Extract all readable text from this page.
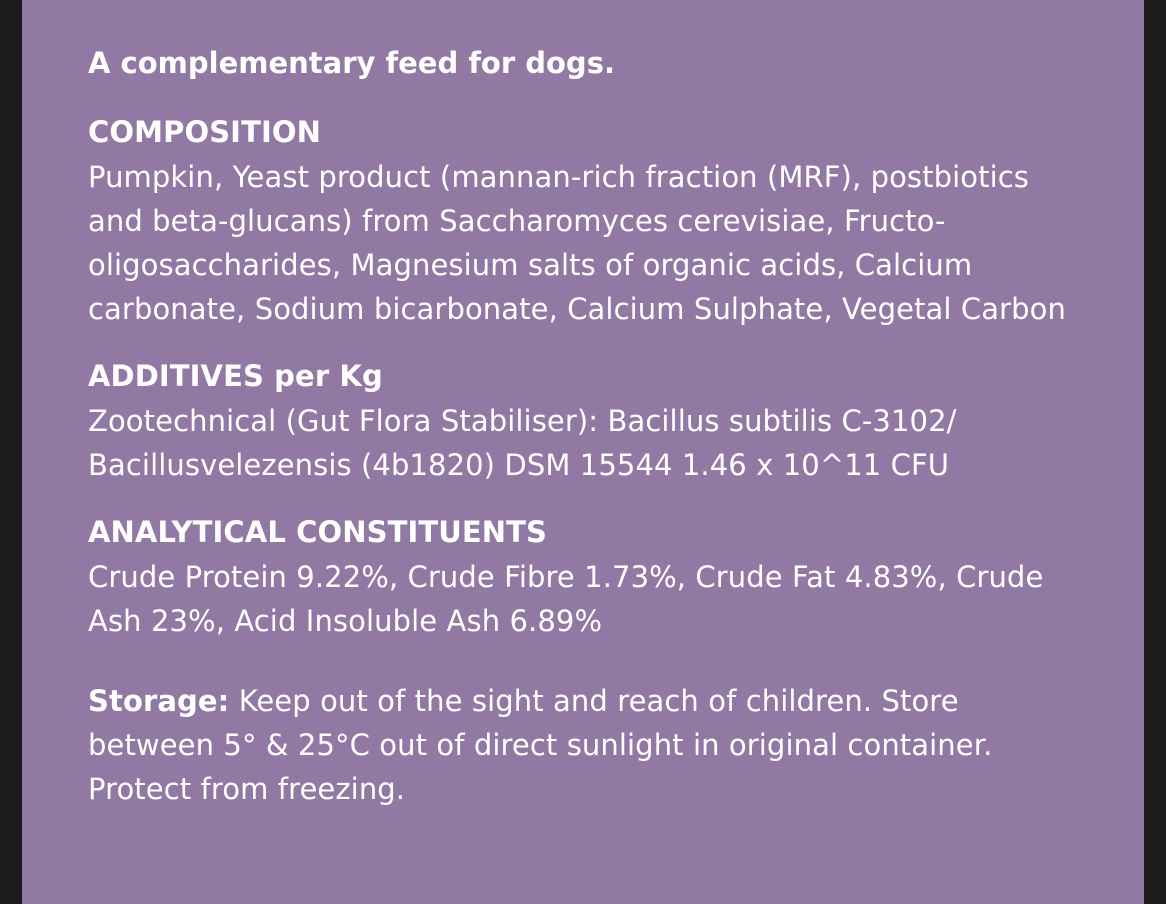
A complementary feed for dogs.

COMPOSITION

Pumpkin, Yeast product (mannan-rich fraction (MRF), postbiotics and beta-glucans) from Saccharomyces cerevisiae, Fructo-oligosaccharides, Magnesium salts of organic acids, Calcium carbonate, Sodium bicarbonate, Calcium Sulphate, Vegetal Carbon

ADDITIVES per Kg

Zootechnical (Gut Flora Stabiliser): Bacillus subtilis C-3102/ Bacillusvelezensis (4b1820) DSM 15544 1.46 x 10^11 CFU

ANALYTICAL CONSTITUENTS

Crude Protein 9.22%, Crude Fibre 1.73%, Crude Fat 4.83%, Crude Ash 23%, Acid Insoluble Ash 6.89%

Storage: Keep out of the sight and reach of children. Store between 5° & 25°C out of direct sunlight in original container. Protect from freezing.
